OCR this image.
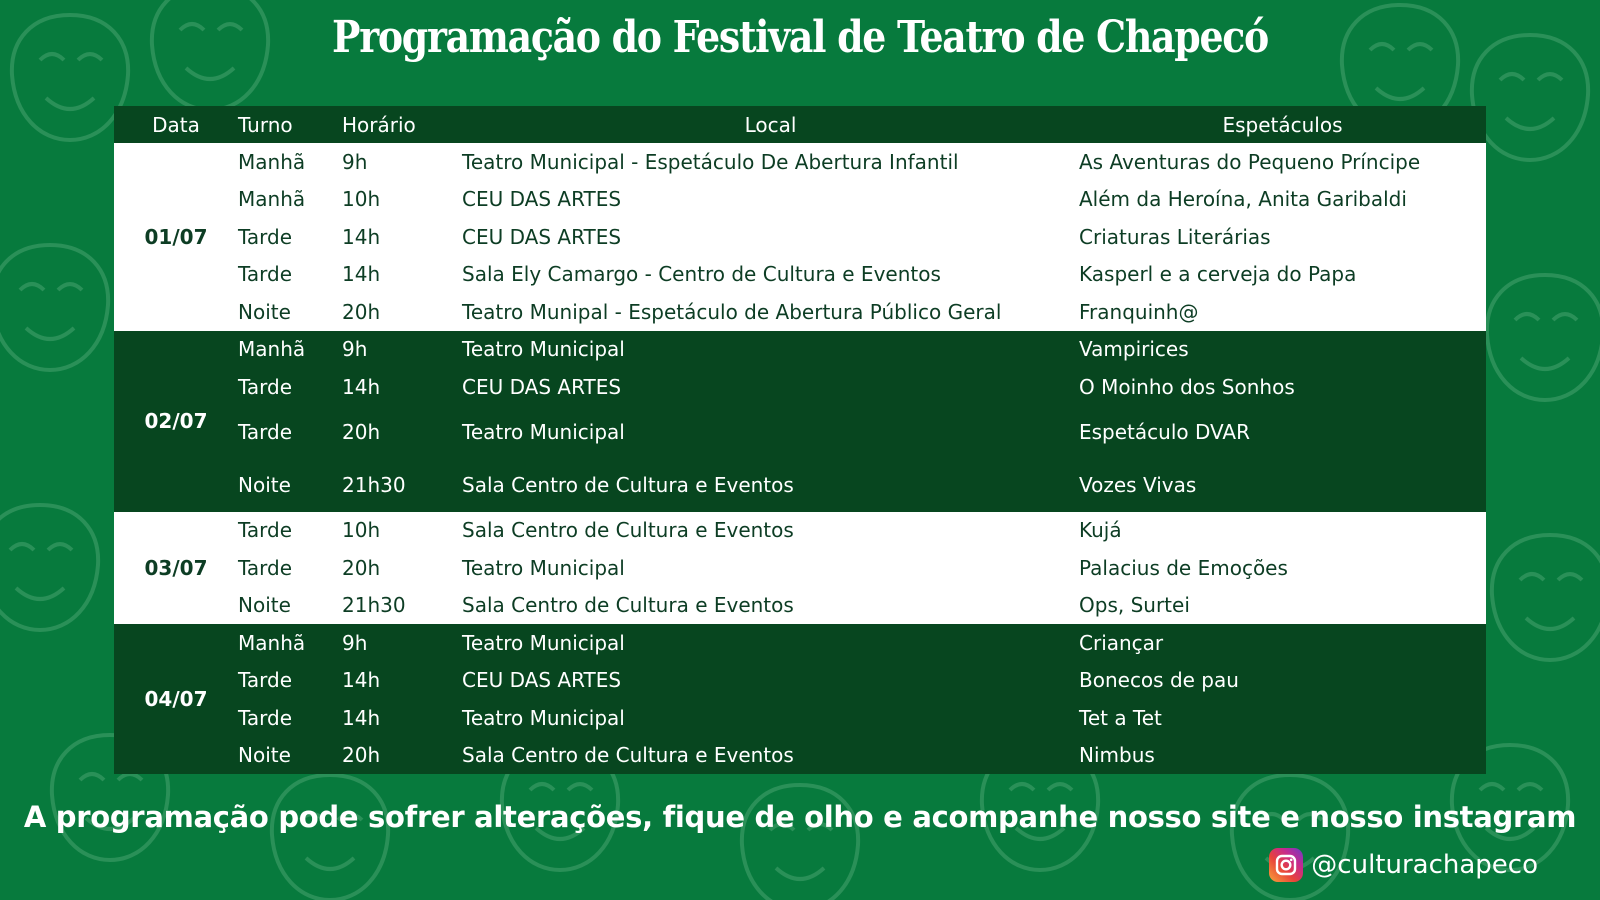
Programação do Festival de Teatro de Chapecó
Data	Turno	Horário	Local	Espetáculos
01/07	Manhã	9h	Teatro Municipal - Espetáculo De Abertura Infantil	As Aventuras do Pequeno Príncipe
	Manhã	10h	CEU DAS ARTES	Além da Heroína, Anita Garibaldi
	Tarde	14h	CEU DAS ARTES	Criaturas Literárias
	Tarde	14h	Sala Ely Camargo - Centro de Cultura e Eventos	Kasperl e a cerveja do Papa
	Noite	20h	Teatro Munipal - Espetáculo de Abertura Público Geral	Franquinh@
02/07	Manhã	9h	Teatro Municipal	Vampirices
	Tarde	14h	CEU DAS ARTES	O Moinho dos Sonhos
	Tarde	20h	Teatro Municipal	Espetáculo DVAR
	Noite	21h30	Sala Centro de Cultura e Eventos	Vozes Vivas
03/07	Tarde	10h	Sala Centro de Cultura e Eventos	Kujá
	Tarde	20h	Teatro Municipal	Palacius de Emoções
	Noite	21h30	Sala Centro de Cultura e Eventos	Ops, Surtei
04/07	Manhã	9h	Teatro Municipal	Criançar
	Tarde	14h	CEU DAS ARTES	Bonecos de pau
	Tarde	14h	Teatro Municipal	Tet a Tet
	Noite	20h	Sala Centro de Cultura e Eventos	Nimbus
A programação pode sofrer alterações, fique de olho e acompanhe nosso site e nosso instagram
@culturachapeco
